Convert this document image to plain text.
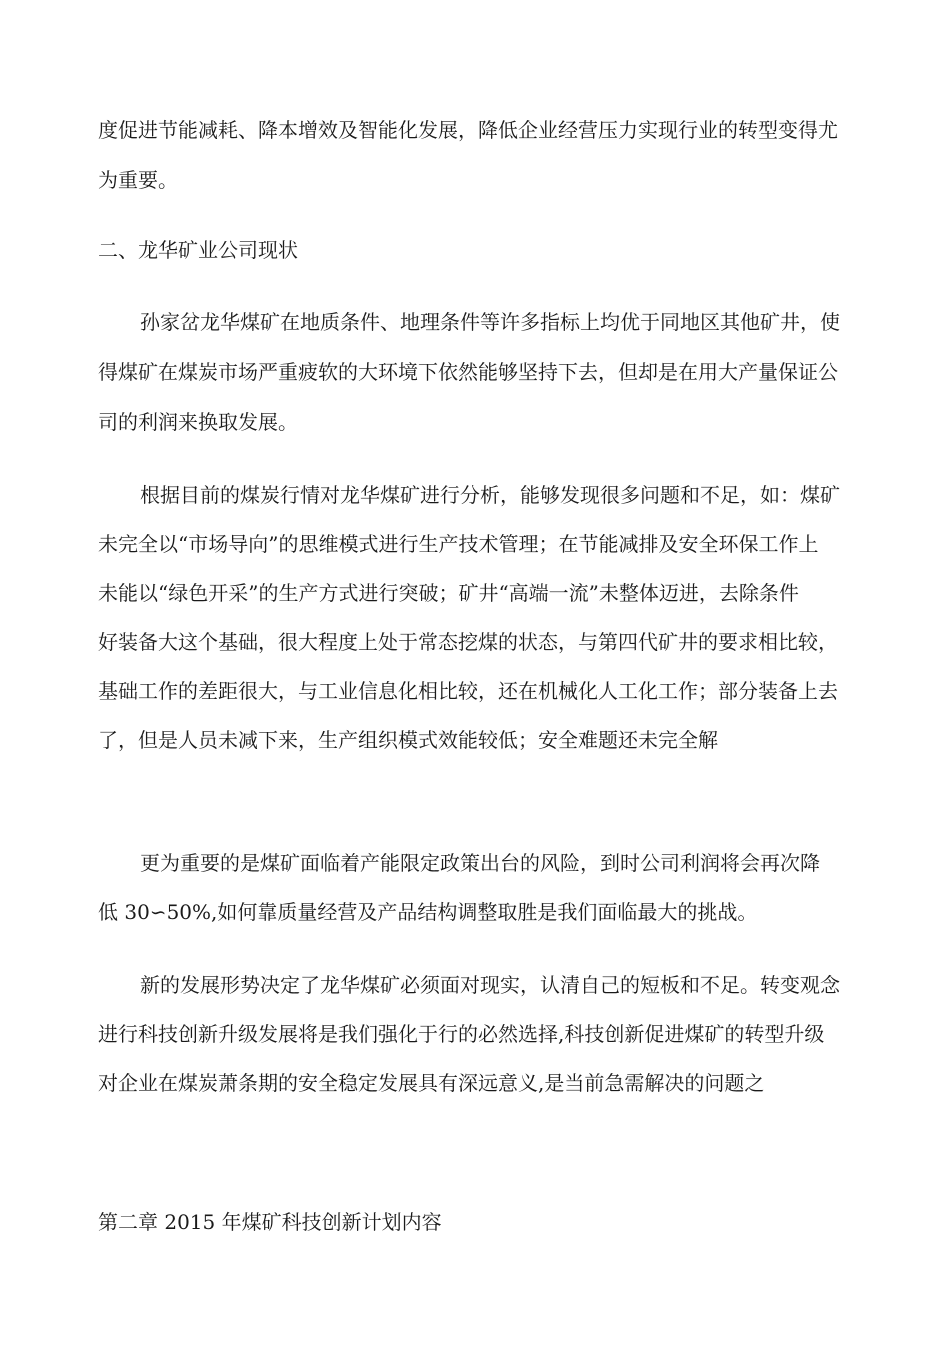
度促进节能减耗、降本增效及智能化发展，降低企业经营压力实现行业的转型变得尤
为重要。
二、龙华矿业公司现状
孙家岔龙华煤矿在地质条件、地理条件等许多指标上均优于同地区其他矿井，使
得煤矿在煤炭市场严重疲软的大环境下依然能够坚持下去，但却是在用大产量保证公
司的利润来换取发展。
根据目前的煤炭行情对龙华煤矿进行分析，能够发现很多问题和不足，如：煤矿
未完全以“市场导向”的思维模式进行生产技术管理；在节能减排及安全环保工作上
未能以“绿色开采”的生产方式进行突破；矿井“高端一流”未整体迈进，去除条件
好装备大这个基础，很大程度上处于常态挖煤的状态，与第四代矿井的要求相比较，
基础工作的差距很大，与工业信息化相比较，还在机械化人工化工作；部分装备上去
了，但是人员未减下来，生产组织模式效能较低；安全难题还未完全解
更为重要的是煤矿面临着产能限定政策出台的风险，到时公司利润将会再次降
低 30∽50%,如何靠质量经营及产品结构调整取胜是我们面临最大的挑战。
新的发展形势决定了龙华煤矿必须面对现实，认清自己的短板和不足。转变观念
进行科技创新升级发展将是我们强化于行的必然选择,科技创新促进煤矿的转型升级
对企业在煤炭萧条期的安全稳定发展具有深远意义,是当前急需解决的问题之
第二章 2015 年煤矿科技创新计划内容
